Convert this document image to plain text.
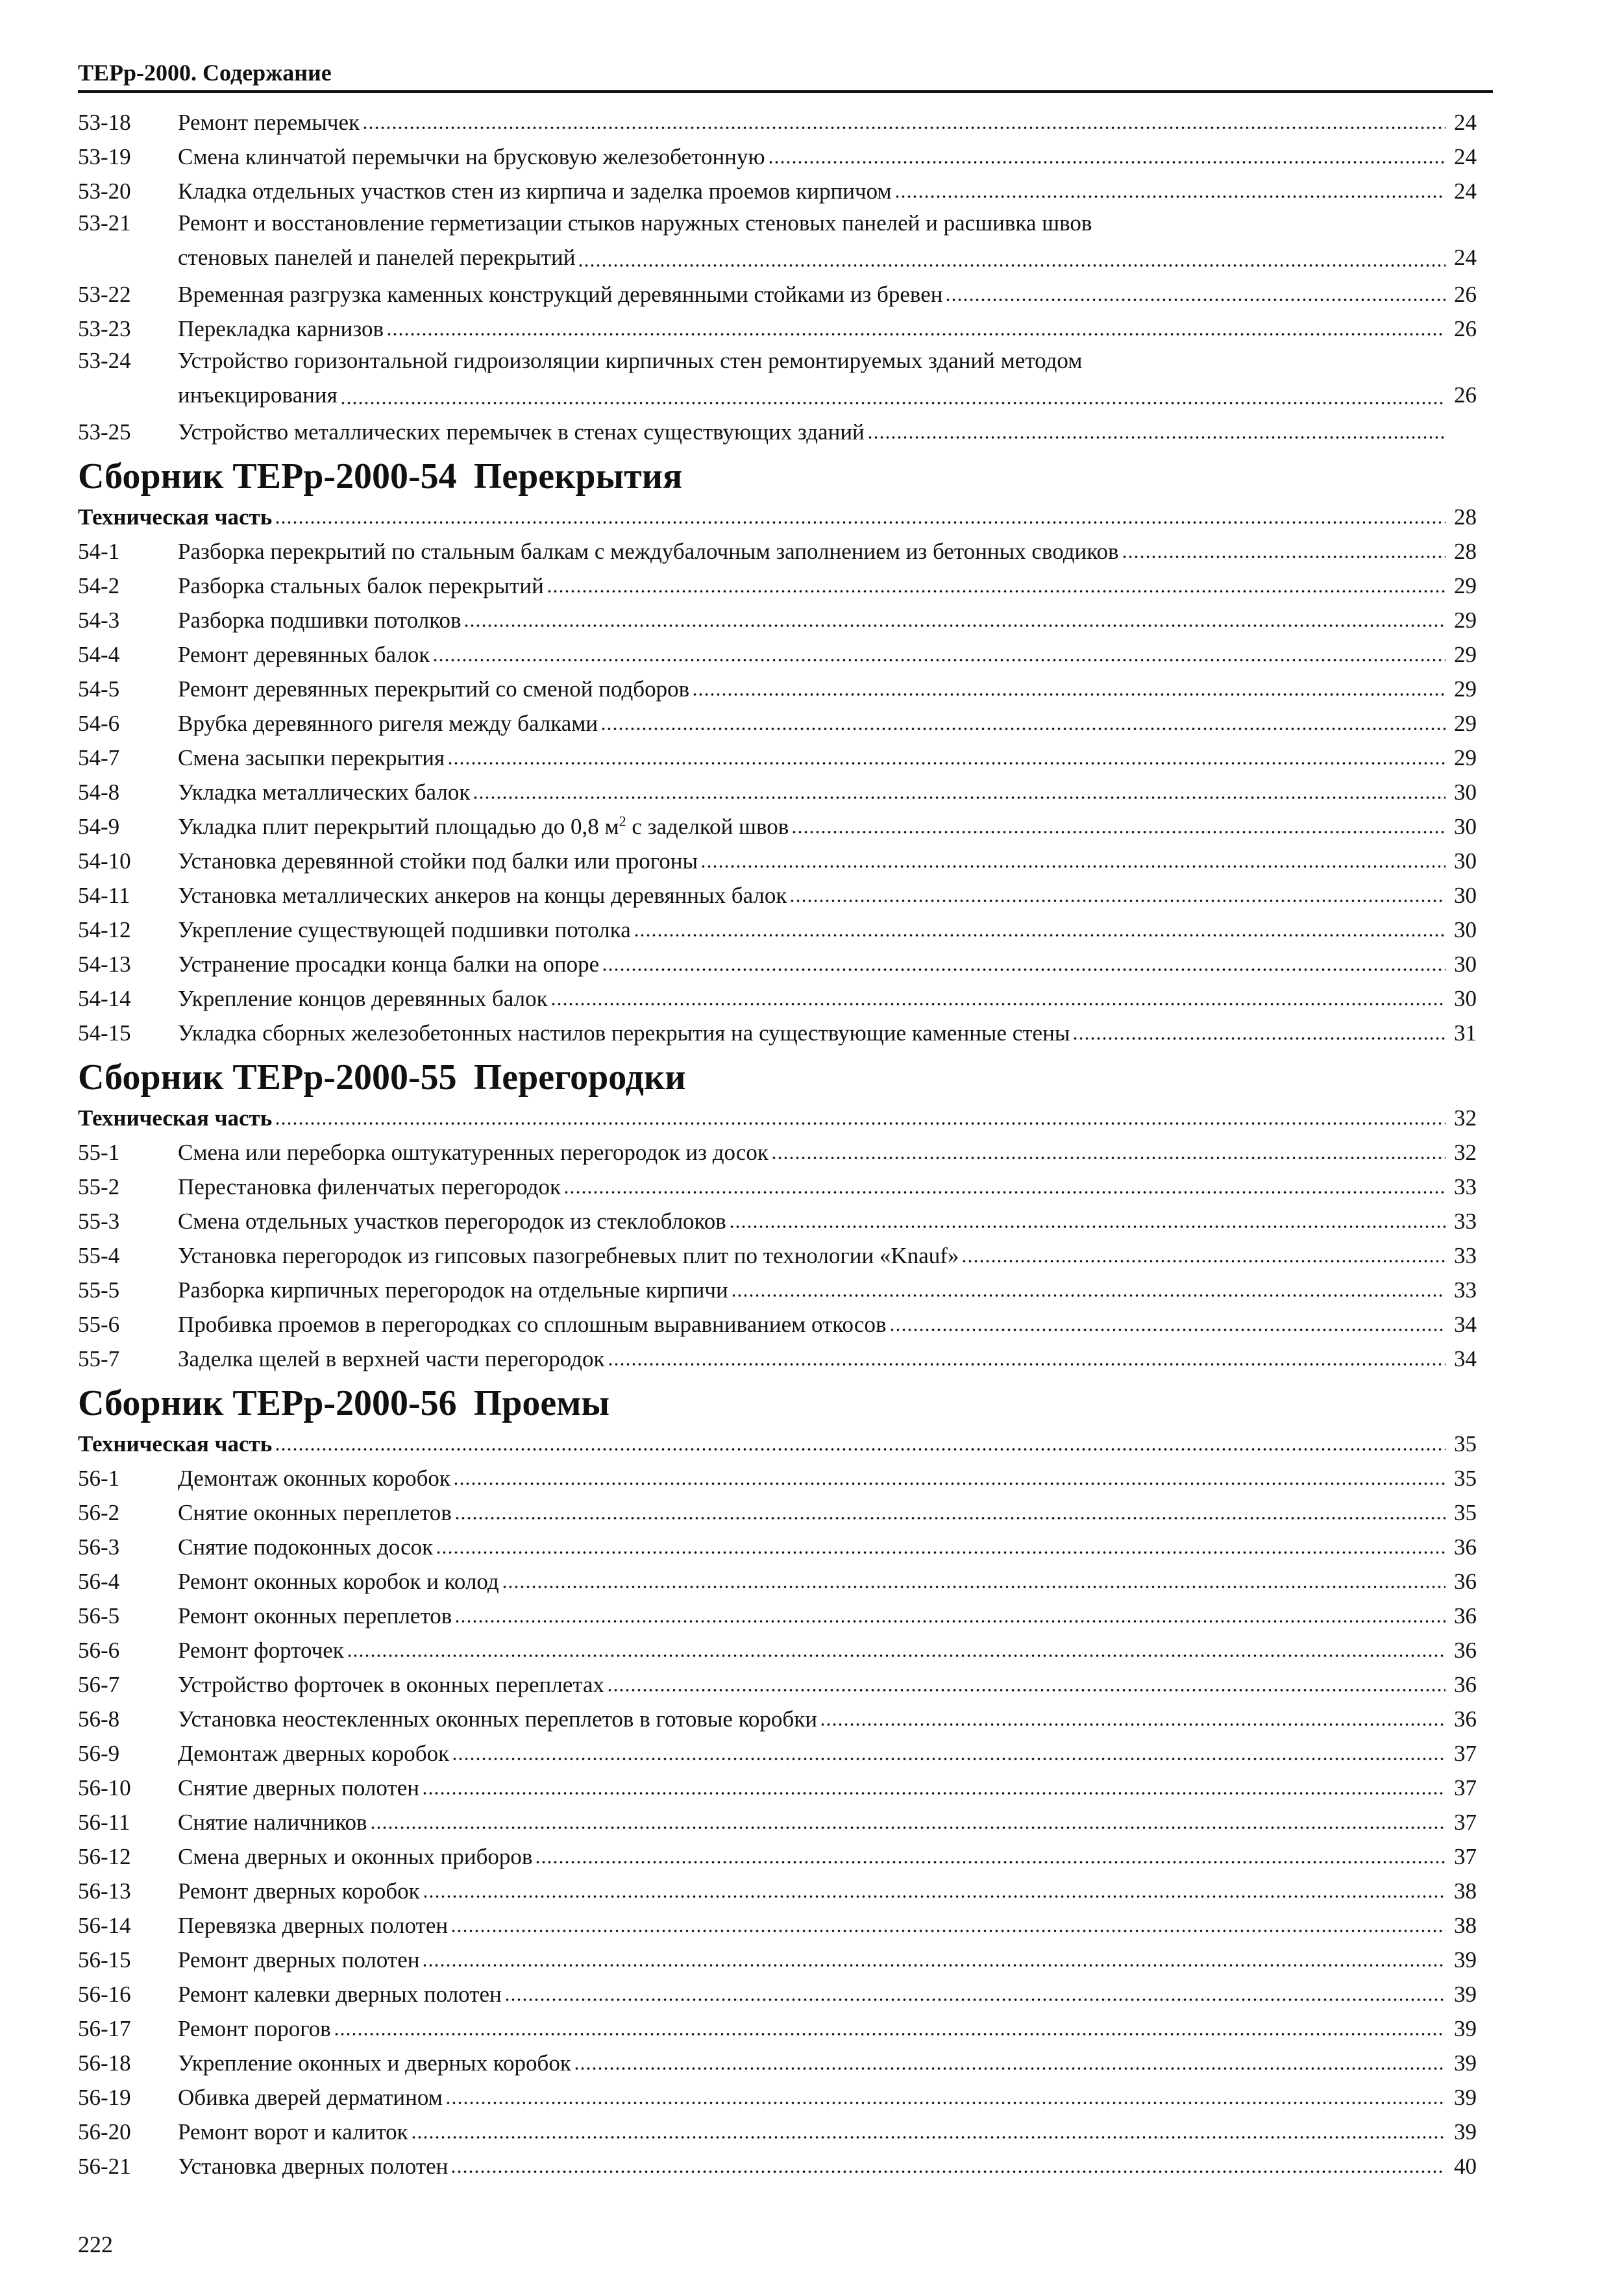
ТЕРр-2000. Содержание
53-18	Ремонт перемычек	24
53-19	Смена клинчатой перемычки на брусковую железобетонную	24
53-20	Кладка отдельных участков стен из кирпича и заделка проемов кирпичом	24
53-21	Ремонт и восстановление герметизации стыков наружных стеновых панелей и расшивка швов
стеновых панелей и панелей перекрытий	24
53-22	Временная разгрузка каменных конструкций деревянными стойками из бревен	26
53-23	Перекладка карнизов	26
53-24	Устройство горизонтальной гидроизоляции кирпичных стен ремонтируемых зданий методом
инъекцирования	26
53-25	Устройство металлических перемычек в стенах существующих зданий
Сборник ТЕРр-2000-54 Перекрытия
Техническая часть	28
54-1	Разборка перекрытий по стальным балкам с междубалочным заполнением из бетонных сводиков	28
54-2	Разборка стальных балок перекрытий	29
54-3	Разборка подшивки потолков	29
54-4	Ремонт деревянных балок	29
54-5	Ремонт деревянных перекрытий со сменой подборов	29
54-6	Врубка деревянного ригеля между балками	29
54-7	Смена засыпки перекрытия	29
54-8	Укладка металлических балок	30
54-9	Укладка плит перекрытий площадью до 0,8 $м^2$ с заделкой швов	30
54-10	Установка деревянной стойки под балки или прогоны	30
54-11	Установка металлических анкеров на концы деревянных балок	30
54-12	Укрепление существующей подшивки потолка	30
54-13	Устранение просадки конца балки на опоре	30
54-14	Укрепление концов деревянных балок	30
54-15	Укладка сборных железобетонных настилов перекрытия на существующие каменные стены	31
Сборник ТЕРр-2000-55 Перегородки
Техническая часть	32
55-1	Смена или переборка оштукатуренных перегородок из досок	32
55-2	Перестановка филенчатых перегородок	33
55-3	Смена отдельных участков перегородок из стеклоблоков	33
55-4	Установка перегородок из гипсовых пазогребневых плит по технологии «Knauf»	33
55-5	Разборка кирпичных перегородок на отдельные кирпичи	33
55-6	Пробивка проемов в перегородках со сплошным выравниванием откосов	34
55-7	Заделка щелей в верхней части перегородок	34
Сборник ТЕРр-2000-56 Проемы
Техническая часть	35
56-1	Демонтаж оконных коробок	35
56-2	Снятие оконных переплетов	35
56-3	Снятие подоконных досок	36
56-4	Ремонт оконных коробок и колод	36
56-5	Ремонт оконных переплетов	36
56-6	Ремонт форточек	36
56-7	Устройство форточек в оконных переплетах	36
56-8	Установка неостекленных оконных переплетов в готовые коробки	36
56-9	Демонтаж дверных коробок	37
56-10	Снятие дверных полотен	37
56-11	Снятие наличников	37
56-12	Смена дверных и оконных приборов	37
56-13	Ремонт дверных коробок	38
56-14	Перевязка дверных полотен	38
56-15	Ремонт дверных полотен	39
56-16	Ремонт калевки дверных полотен	39
56-17	Ремонт порогов	39
56-18	Укрепление оконных и дверных коробок	39
56-19	Обивка дверей дерматином	39
56-20	Ремонт ворот и калиток	39
56-21	Установка дверных полотен	40
222
